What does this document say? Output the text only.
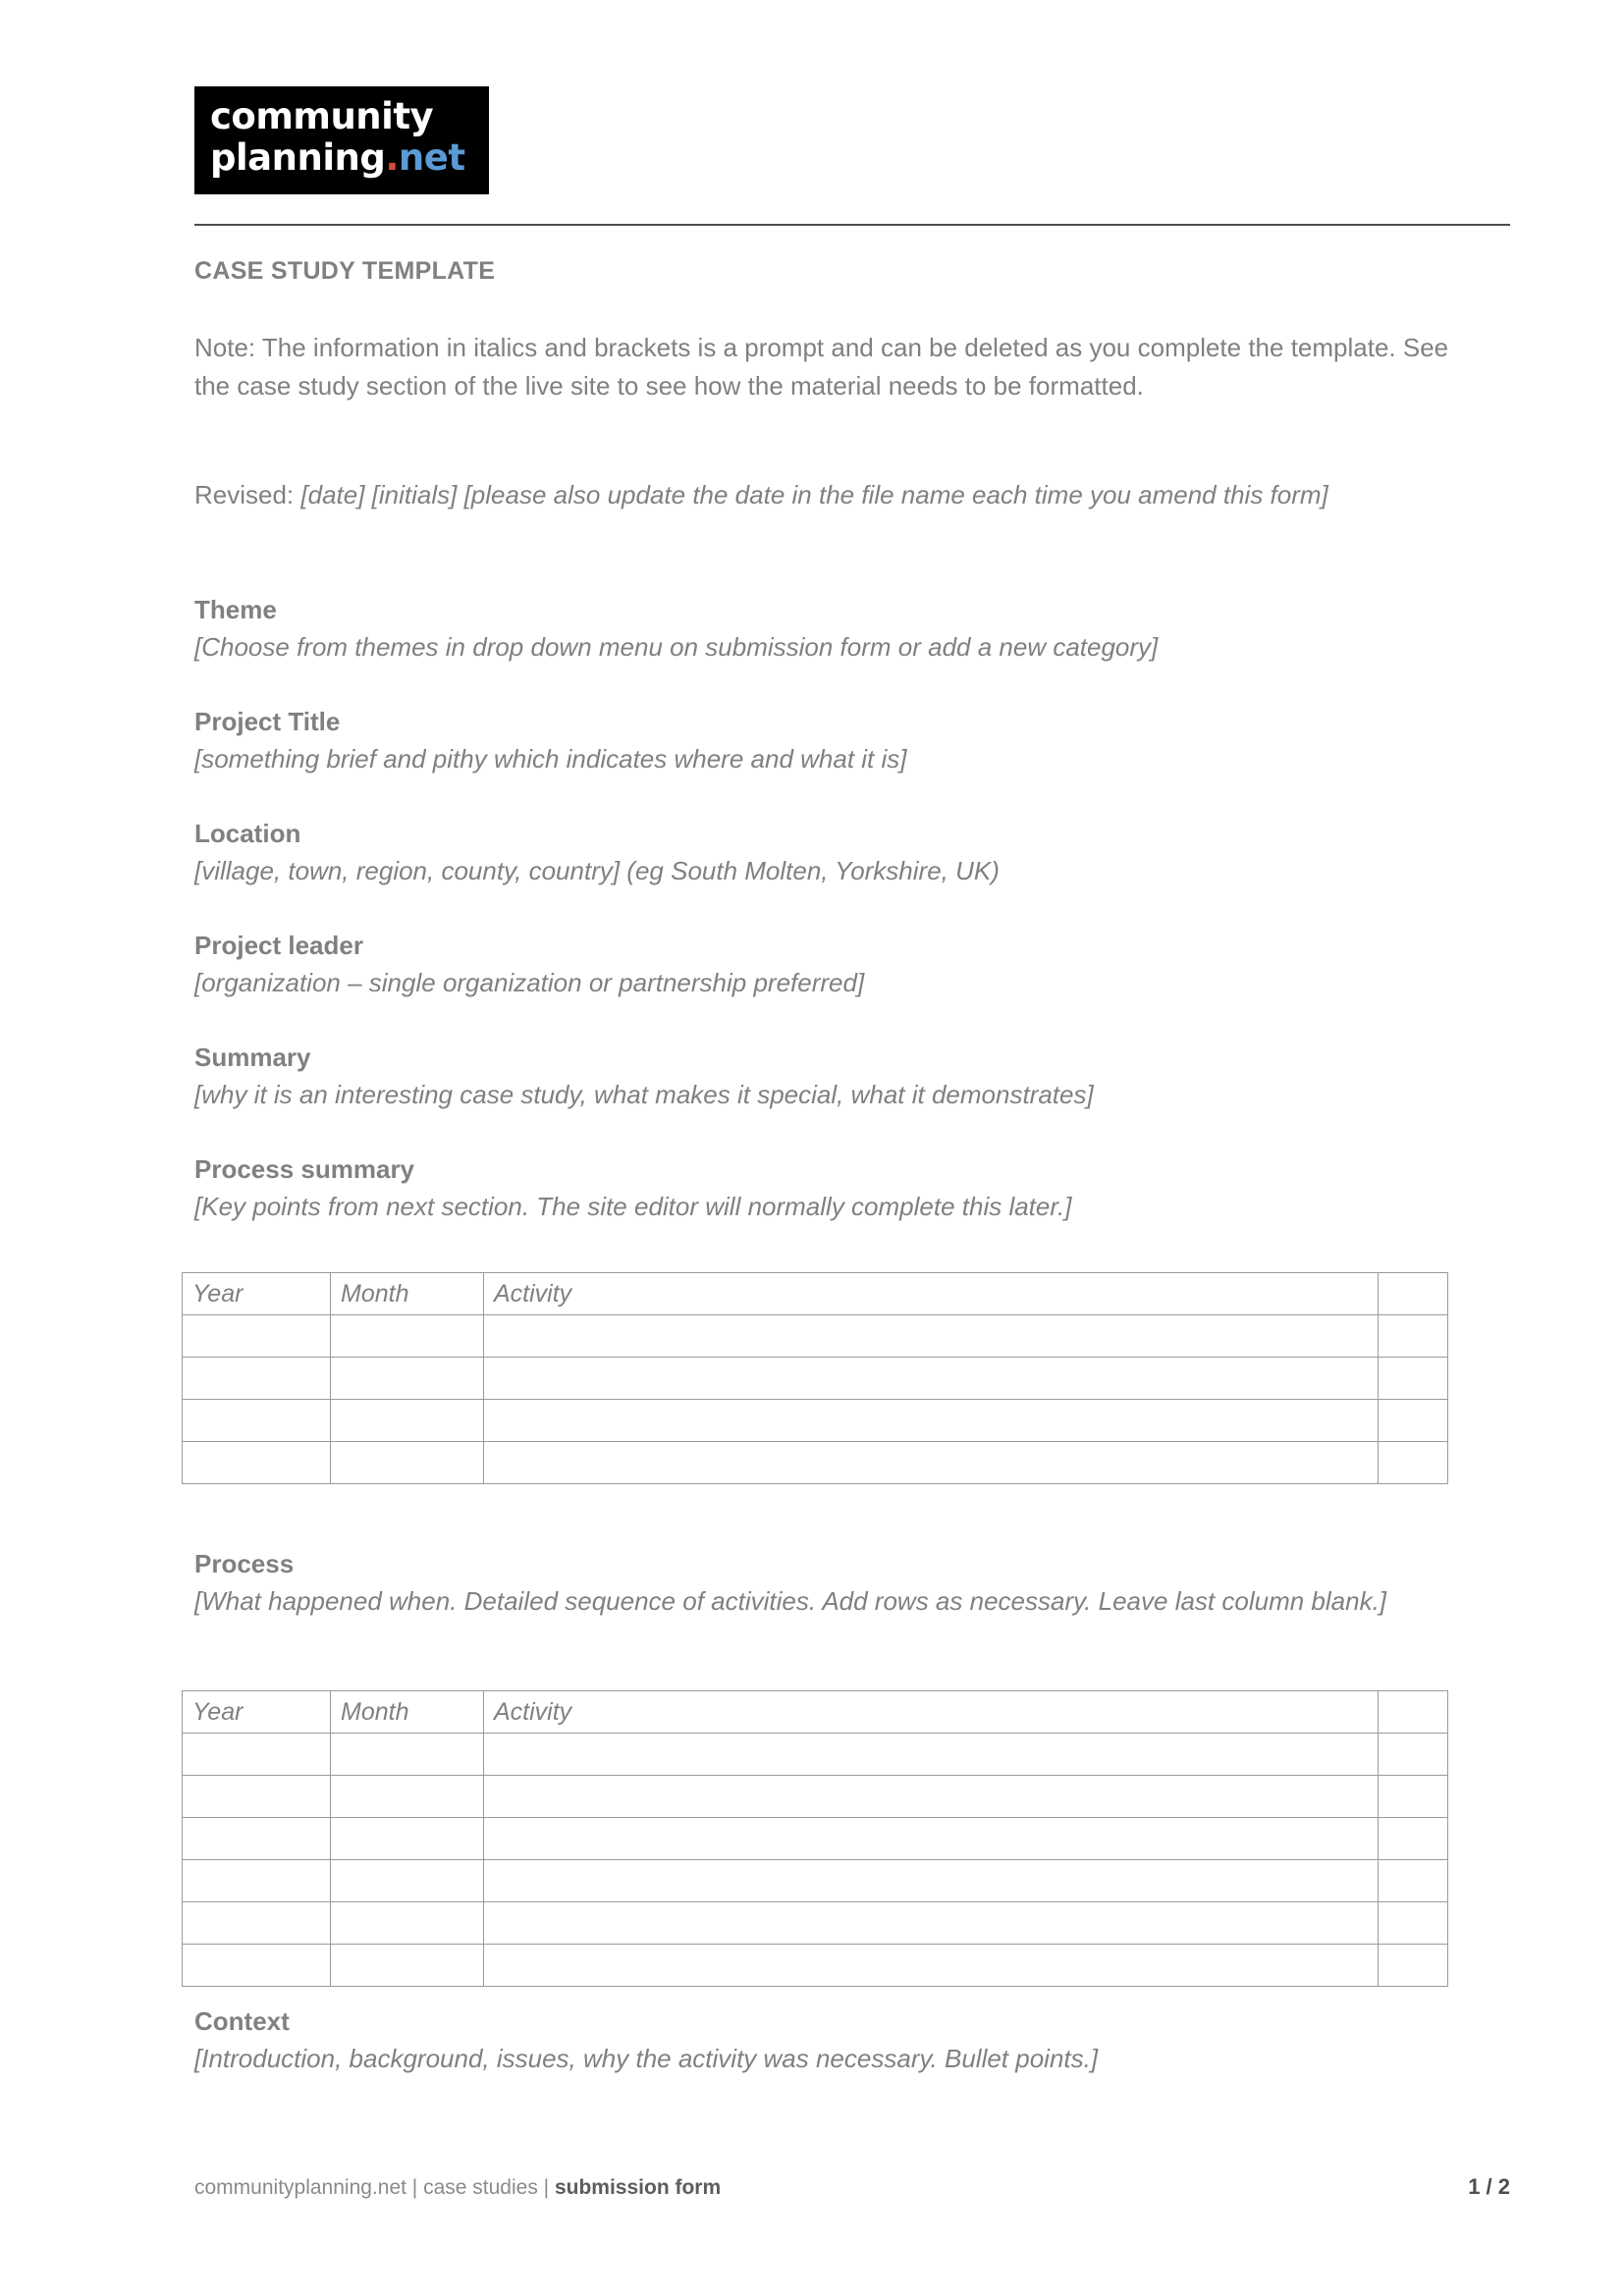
community
planning.net
CASE STUDY TEMPLATE
Note: The information in italics and brackets is a prompt and can be deleted as you complete the template. See the case study section of the live site to see how the material needs to be formatted.
Revised: [date] [initials] [please also update the date in the file name each time you amend this form]
Theme

[Choose from themes in drop down menu on submission form or add a new category]

Project Title

[something brief and pithy which indicates where and what it is]

Location

[village, town, region, county, country] (eg South Molten, Yorkshire, UK)

Project leader

[organization – single organization or partnership preferred]

Summary

[why it is an interesting case study, what makes it special, what it demonstrates]

Process summary

[Key points from next section. The site editor will normally complete this later.]

Year	Month	Activity	

Process

[What happened when. Detailed sequence of activities. Add rows as necessary. Leave last column blank.]

Year	Month	Activity	

Context

[Introduction, background, issues, why the activity was necessary. Bullet points.]

communityplanning.net | case studies | submission form	1 / 2
